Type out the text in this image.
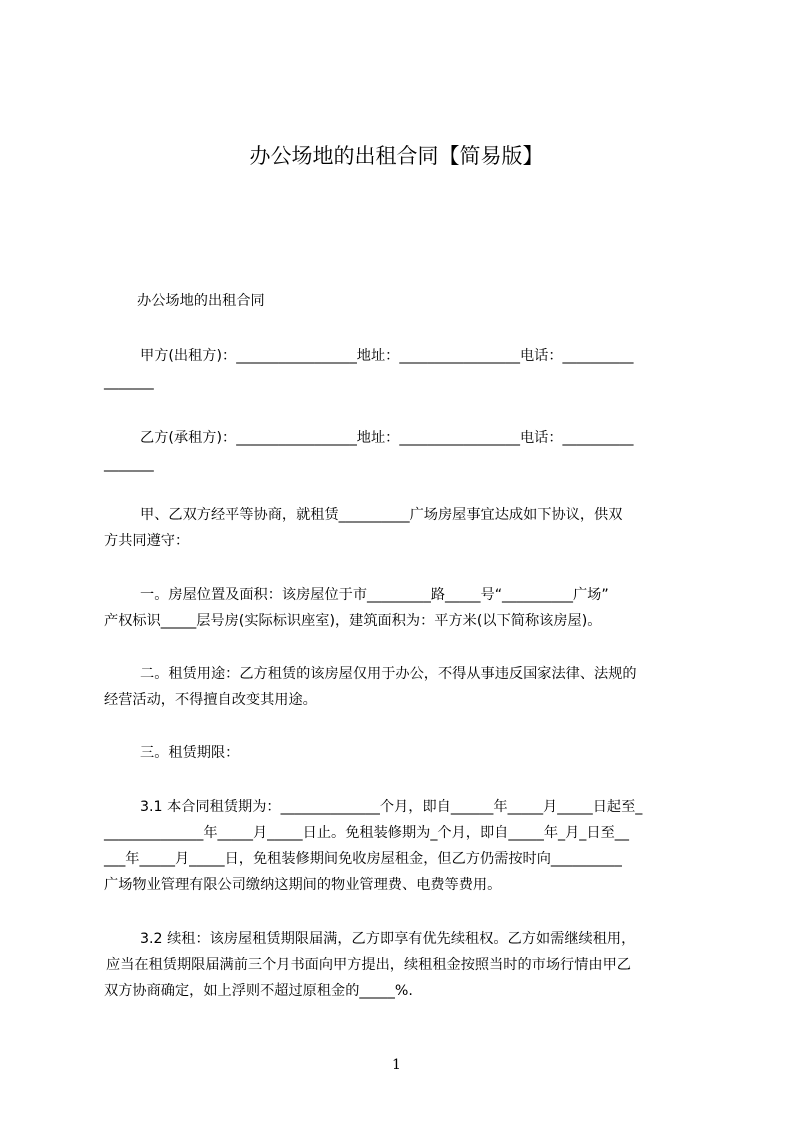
办公场地的出租合同【简易版】
办公场地的出租合同
甲方(出租方)：_________________地址：_________________电话：__________
_______
乙方(承租方)：_________________地址：_________________电话：__________
_______
甲、乙双方经平等协商，就租赁__________广场房屋事宜达成如下协议，供双
方共同遵守：
一。房屋位置及面积：该房屋位于市_________路_____号“__________广场”
产权标识_____层号房(实际标识座室)，建筑面积为：平方米(以下简称该房屋)。
二。租赁用途：乙方租赁的该房屋仅用于办公，不得从事违反国家法律、法规的
经营活动，不得擅自改变其用途。
三。租赁期限：
3.1 本合同租赁期为：______________个月，即自______年_____月_____日起至_
______________年_____月_____日止。免租装修期为_个月，即自_____年_月_日至__
___年_____月_____日，免租装修期间免收房屋租金，但乙方仍需按时向__________
广场物业管理有限公司缴纳这期间的物业管理费、电费等费用。
3.2 续租：该房屋租赁期限届满，乙方即享有优先续租权。乙方如需继续租用，
应当在租赁期限届满前三个月书面向甲方提出，续租租金按照当时的市场行情由甲乙
双方协商确定，如上浮则不超过原租金的_____%.
1
